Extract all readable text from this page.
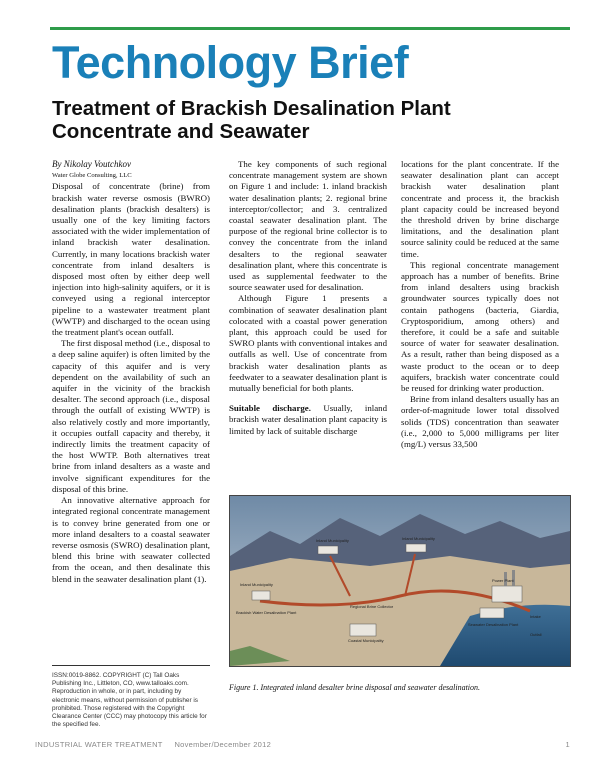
Technology Brief
Treatment of Brackish Desalination Plant Concentrate and Seawater

By Nikolay Voutchkov

Water Globe Consulting, LLC

Disposal of concentrate (brine) from brackish water reverse osmosis (BWRO) desalination plants (brackish desalters) is usually one of the key limiting factors associated with the wider implementation of inland brackish water desalination. Currently, in many locations brackish water concentrate from inland desalters is disposed most often by either deep well injection into high-salinity aquifers, or it is conveyed using a regional interceptor pipeline to a wastewater treatment plant (WWTP) and discharged to the ocean using the treatment plant's ocean outfall.

The first disposal method (i.e., disposal to a deep saline aquifer) is often limited by the capacity of this aquifer and is very dependent on the availability of such an aquifer in the vicinity of the brackish desalter. The second approach (i.e., disposal through the outfall of existing WWTP) is also relatively costly and more importantly, it occupies outfall capacity and thereby, it indirectly limits the treatment capacity of the host WWTP. Both alternatives treat brine from inland desalters as a waste and involve significant expenditures for the disposal of this brine.

An innovative alternative approach for integrated regional concentrate management is to convey brine generated from one or more inland desalters to a coastal seawater reverse osmosis (SWRO) desalination plant, blend this brine with seawater collected from the ocean, and then desalinate this blend in the seawater desalination plant (1).

ISSN:0019-8862. COPYRIGHT (C) Tall Oaks Publishing Inc., Littleton, CO, www.talloaks.com. Reproduction in whole, or in part, including by electronic means, without permission of publisher is prohibited. Those registered with the Copyright Clearance Center (CCC) may photocopy this article for the specified fee.

The key components of such regional concentrate management system are shown on Figure 1 and include: 1. inland brackish water desalination plants; 2. regional brine interceptor/collector; and 3. centralized coastal seawater desalination plant. The purpose of the regional brine collector is to convey the concentrate from the inland desalters to the regional seawater desalination plant, where this concentrate is used as supplemental feedwater to the source seawater used for desalination.

Although Figure 1 presents a combination of seawater desalination plant colocated with a coastal power generation plant, this approach could be used for SWRO plants with conventional intakes and outfalls as well. Use of concentrate from brackish water desalination plants as feedwater to a seawater desalination plant is mutually beneficial for both plants.

Suitable discharge. Usually, inland brackish water desalination plant capacity is limited by lack of suitable discharge

locations for the plant concentrate. If the seawater desalination plant can accept brackish water desalination plant concentrate and process it, the brackish plant capacity could be increased beyond the threshold driven by brine discharge limitations, and the desalination plant source salinity could be reduced at the same time.

This regional concentrate management approach has a number of benefits. Brine from inland desalters using brackish groundwater sources typically does not contain pathogens (bacteria, Giardia, Cryptosporidium, among others) and therefore, it could be a safe and suitable source of water for seawater desalination. As a result, rather than being disposed as a waste product to the ocean or to deep aquifers, brackish water concentrate could be reused for drinking water production.

Brine from inland desalters usually has an order-of-magnitude lower total dissolved solids (TDS) concentration than seawater (i.e., 2,000 to 5,000 milligrams per liter (mg/L) versus 33,500

Inland Municipality	Inland Municipality
Inland Municipality
Brackish Water Desalination Plant
Regional Brine Collector
Power Plant
Seawater Desalination Plant
Coastal Municipality
Intake
Outfall
Figure 1. Integrated inland desalter brine disposal and seawater desalination.
INDUSTRIAL WATER TREATMENT     November/December 2012	1
